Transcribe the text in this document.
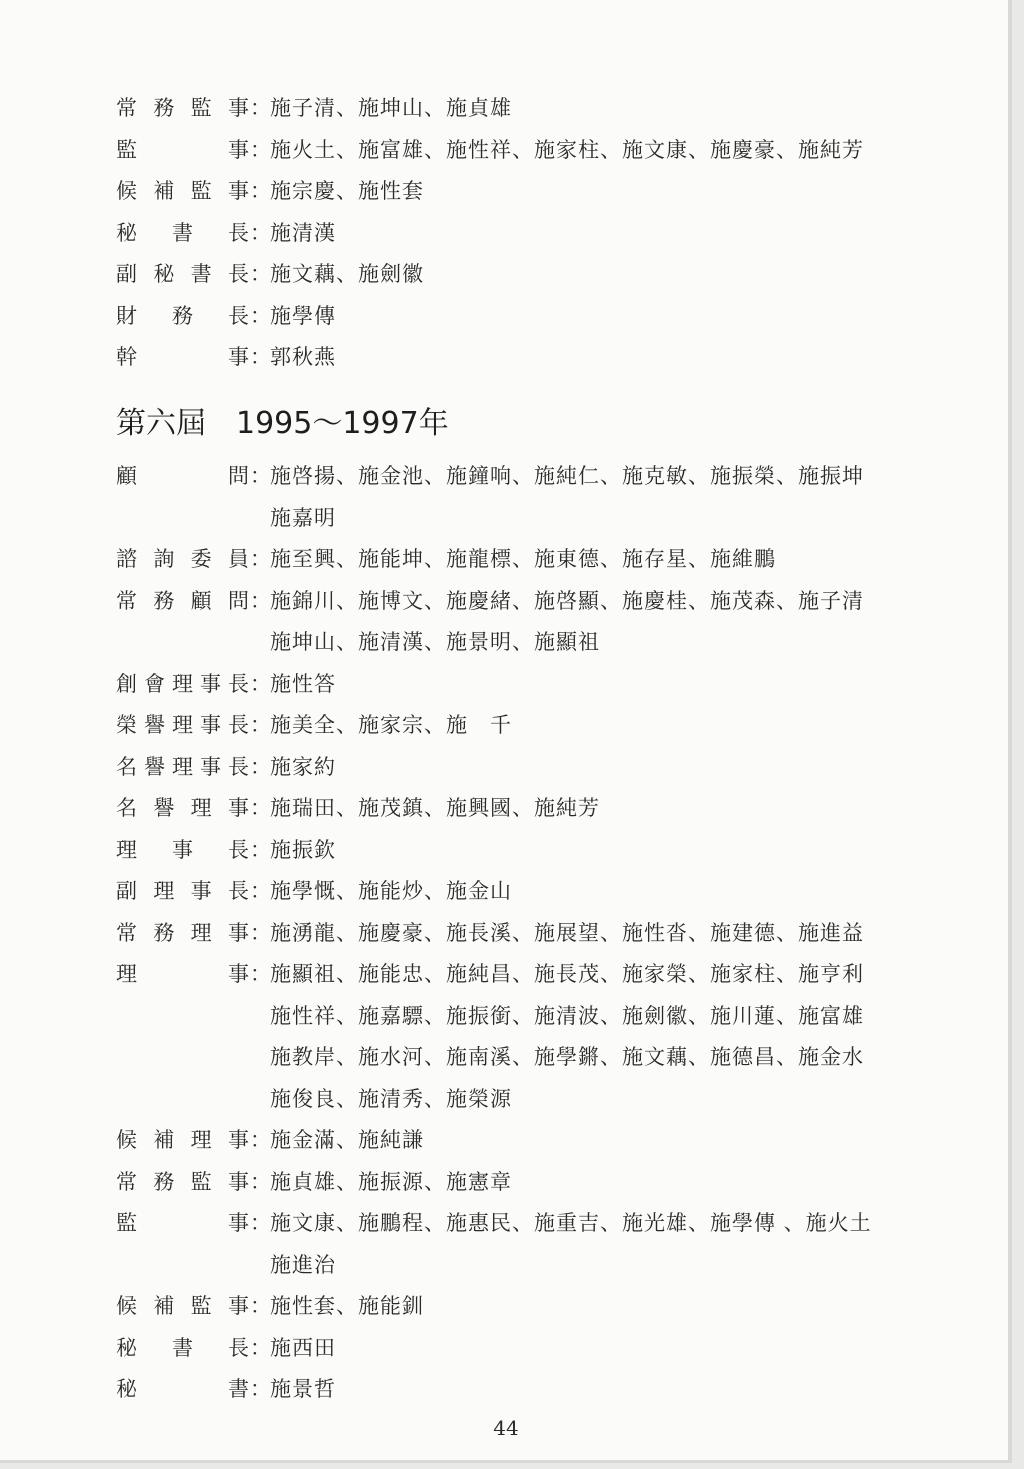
常 務 監 事 ：
施子清、施坤山、施貞雄
監	事 ：
施火土、施富雄、施性祥、施家柱、施文康、施慶豪、施純芳
候 補 監 事 ：
施宗慶、施性套
秘 書 長 ：
施清漢
副 秘 書 長 ：
施文藕、施劍徽
財 務 長 ：
施學傳
幹	事 ：
郭秋燕
第六屆 1995～1997年
顧	問 ：
施啓揚、施金池、施鐘响、施純仁、施克敏、施振榮、施振坤
施嘉明
諮 詢 委 員 ：
施至興、施能坤、施龍標、施東德、施存星、施維鵬
常 務 顧 問 ：
施錦川、施博文、施慶緒、施啓顯、施慶桂、施茂森、施子清
施坤山、施清漢、施景明、施顯祖
創 會 理 事 長 ：
施性答
榮 譽 理 事 長 ：
施美全、施家宗、施　千
名 譽 理 事 長 ：
施家約
名 譽 理 事 ：
施瑞田、施茂鎮、施興國、施純芳
理 事 長 ：
施振欽
副 理 事 長 ：
施學慨、施能炒、施金山
常 務 理 事 ：
施湧龍、施慶豪、施長溪、施展望、施性沓、施建德、施進益
理	事 ：
施顯祖、施能忠、施純昌、施長茂、施家榮、施家柱、施亨利
施性祥、施嘉驃、施振銜、施清波、施劍徽、施川蓮、施富雄
施教岸、施水河、施南溪、施學鏘、施文藕、施德昌、施金水
施俊良、施清秀、施榮源
候 補 理 事 ：
施金滿、施純謙
常 務 監 事 ：
施貞雄、施振源、施憲章
監	事 ：
施文康、施鵬程、施惠民、施重吉、施光雄、施學傳 、施火土
施進治
候 補 監 事 ：
施性套、施能釧
秘 書 長 ：
施西田
秘	書 ：
施景哲
44
